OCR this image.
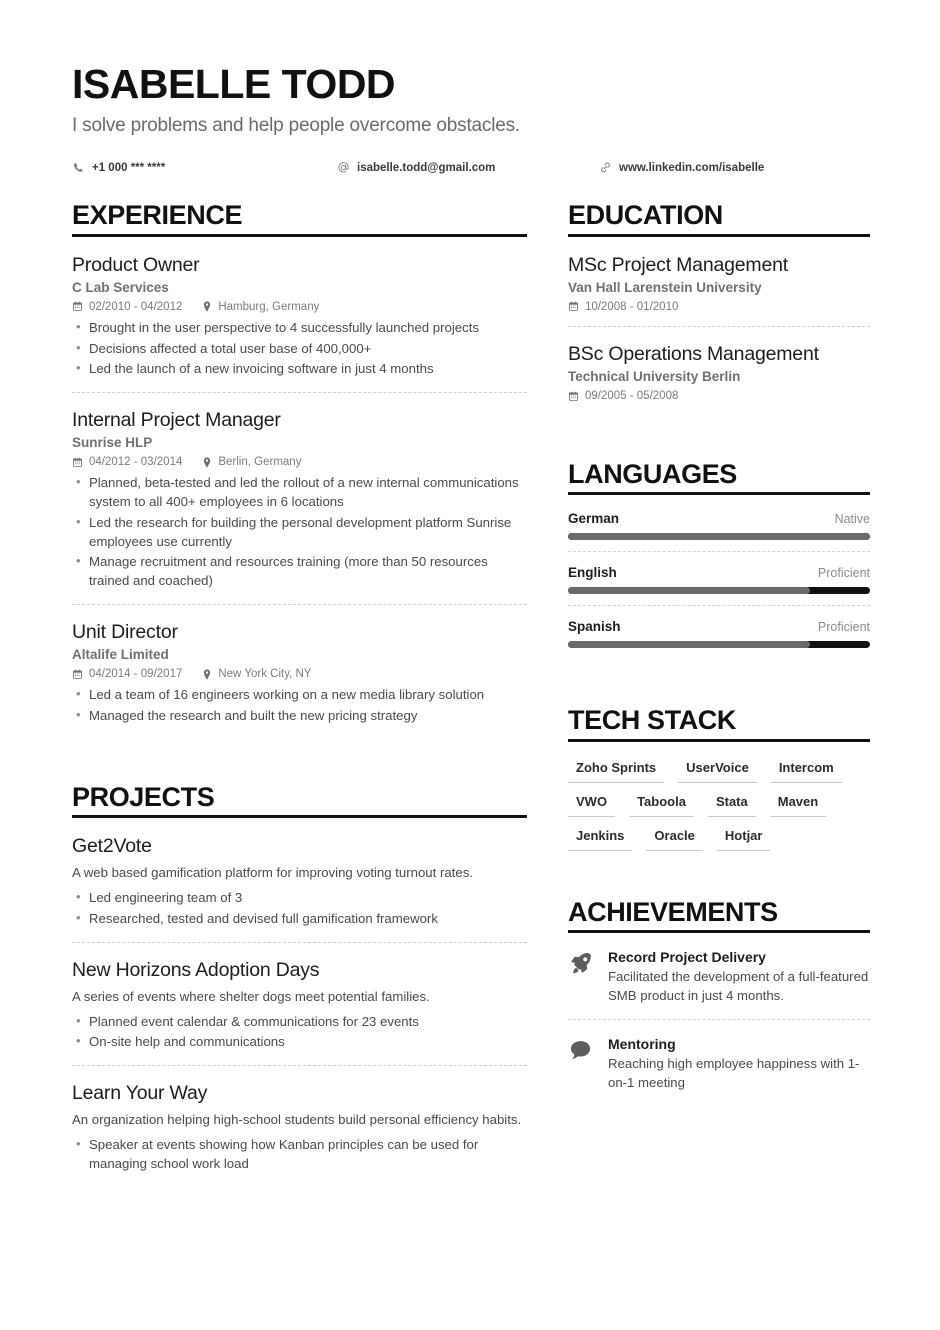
ISABELLE TODD
I solve problems and help people overcome obstacles.
+1 000 *** ****	isabelle.todd@gmail.com	www.linkedin.com/isabelle
EXPERIENCE
Product Owner
C Lab Services
02/2010 - 04/2012	Hamburg, Germany
• Brought in the user perspective to 4 successfully launched projects
• Decisions affected a total user base of 400,000+
• Led the launch of a new invoicing software in just 4 months
Internal Project Manager
Sunrise HLP
04/2012 - 03/2014	Berlin, Germany
• Planned, beta-tested and led the rollout of a new internal communications system to all 400+ employees in 6 locations
• Led the research for building the personal development platform Sunrise employees use currently
• Manage recruitment and resources training (more than 50 resources trained and coached)
Unit Director
Altalife Limited
04/2014 - 09/2017	New York City, NY
• Led a team of 16 engineers working on a new media library solution
• Managed the research and built the new pricing strategy
PROJECTS
Get2Vote
A web based gamification platform for improving voting turnout rates.
• Led engineering team of 3
• Researched, tested and devised full gamification framework
New Horizons Adoption Days
A series of events where shelter dogs meet potential families.
• Planned event calendar & communications for 23 events
• On-site help and communications
Learn Your Way
An organization helping high-school students build personal efficiency habits.
• Speaker at events showing how Kanban principles can be used for managing school work load
EDUCATION
MSc Project Management
Van Hall Larenstein University
10/2008 - 01/2010
BSc Operations Management
Technical University Berlin
09/2005 - 05/2008
LANGUAGES
German	Native
English	Proficient
Spanish	Proficient
TECH STACK
Zoho Sprints	UserVoice	Intercom
VWO	Taboola	Stata	Maven
Jenkins	Oracle	Hotjar
ACHIEVEMENTS
Record Project Delivery
Facilitated the development of a full-featured SMB product in just 4 months.
Mentoring
Reaching high employee happiness with 1-on-1 meeting
